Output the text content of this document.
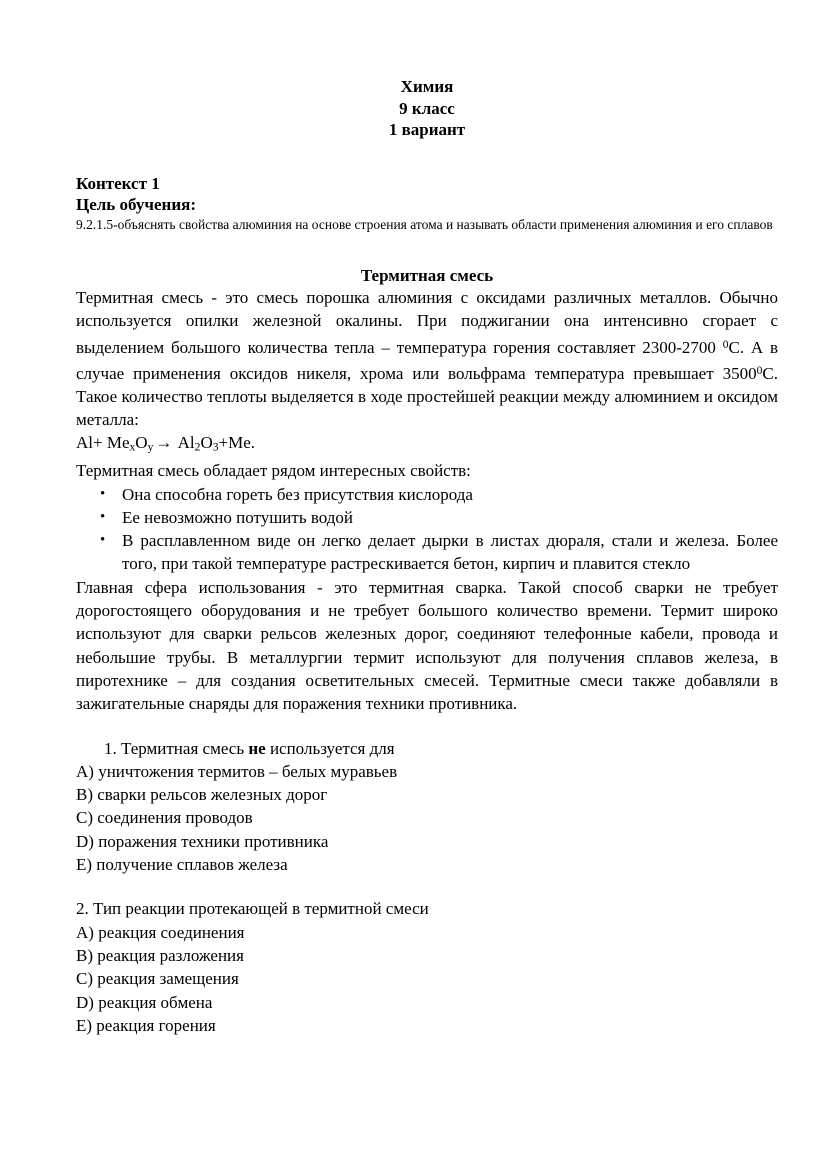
Химия
9 класс
1 вариант
Контекст 1
Цель обучения:
9.2.1.5-объяснять свойства алюминия на основе строения атома и называть области применения алюминия и его сплавов
Термитная смесь

Термитная смесь - это смесь порошка алюминия с оксидами различных металлов. Обычно используется опилки железной окалины. При поджигании она интенсивно сгорает с выделением большого количества тепла – температура горения составляет 2300-2700 $^0$С. А в случае применения оксидов никеля, хрома или вольфрама температура превышает 3500$^0$С. Такое количество теплоты выделяется в ходе простейшей реакции между алюминием и оксидом металла:

$Al+ Me_xO_y \to Al_2O_3+Me$.

Термитная смесь обладает рядом интересных свойств:

• Она способна гореть без присутствия кислорода
• Ее невозможно потушить водой
• В расплавленном виде он легко делает дырки в листах дюраля, стали и железа. Более того, при такой температуре растрескивается бетон, кирпич и плавится стекло

Главная сфера использования - это термитная сварка. Такой способ сварки не требует дорогостоящего оборудования и не требует большого количество времени. Термит широко используют для сварки рельсов железных дорог, соединяют телефонные кабели, провода и небольшие трубы. В металлургии термит используют для получения сплавов железа, в пиротехнике – для создания осветительных смесей. Термитные смеси также добавляли в зажигательные снаряды для поражения техники противника.

1. Термитная смесь не используется для

A) уничтожения термитов – белых муравьев

B) сварки рельсов железных дорог

C) соединения проводов

D) поражения техники противника

E) получение сплавов железа

2. Тип реакции протекающей в термитной смеси

A) реакция соединения

B) реакция разложения

C) реакция замещения

D) реакция обмена

E) реакция горения
